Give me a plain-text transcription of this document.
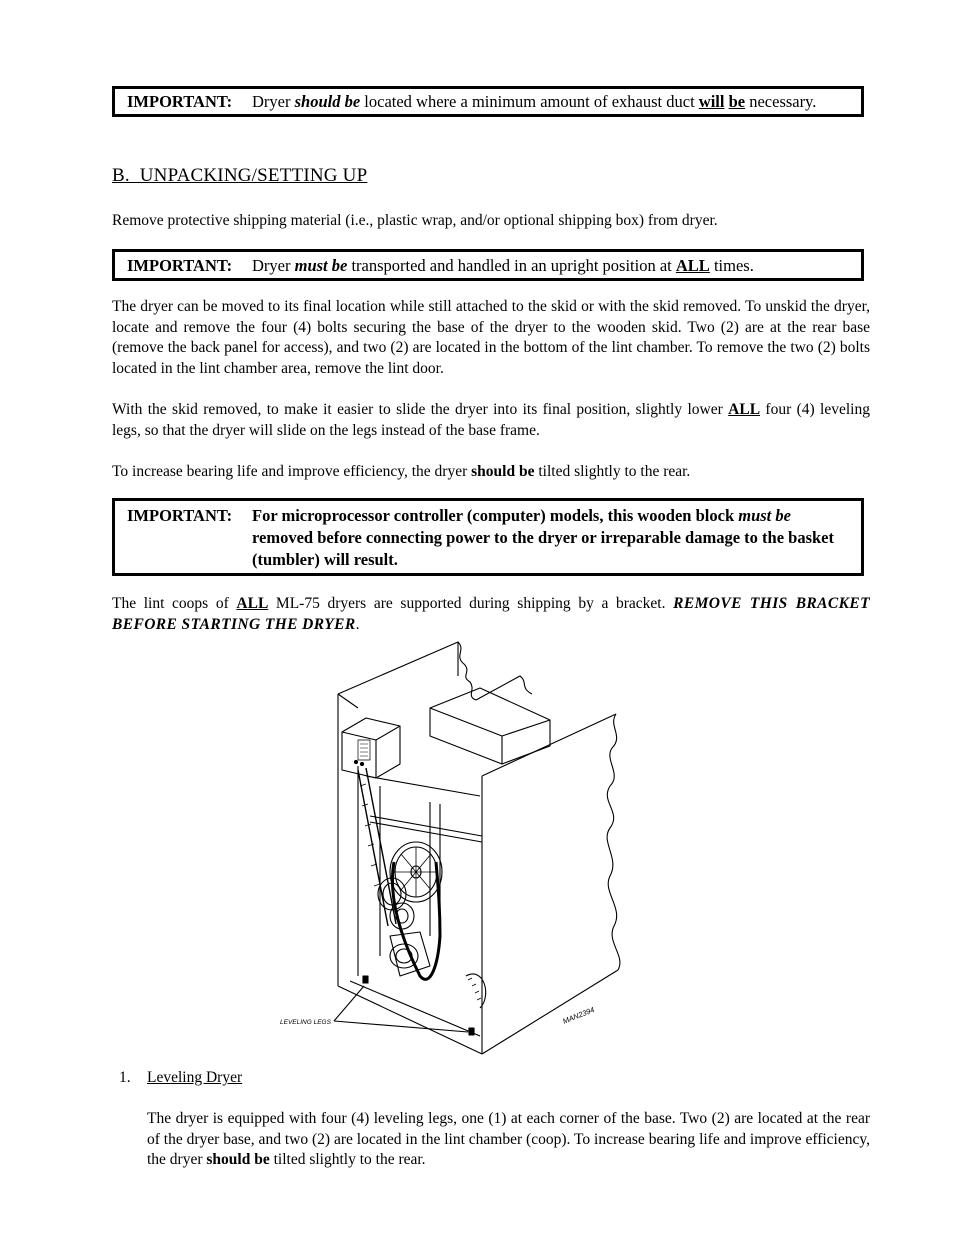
IMPORTANT: Dryer should be located where a minimum amount of exhaust duct will be necessary.
B.  UNPACKING/SETTING UP
Remove protective shipping material (i.e., plastic wrap, and/or optional shipping box) from dryer.
IMPORTANT: Dryer must be transported and handled in an upright position at ALL times.
The dryer can be moved to its final location while still attached to the skid or with the skid removed. To unskid the dryer, locate and remove the four (4) bolts securing the base of the dryer to the wooden skid. Two (2) are at the rear base (remove the back panel for access), and two (2) are located in the bottom of the lint chamber. To remove the two (2) bolts located in the lint chamber area, remove the lint door.
With the skid removed, to make it easier to slide the dryer into its final position, slightly lower ALL four (4) leveling legs, so that the dryer will slide on the legs instead of the base frame.
To increase bearing life and improve efficiency, the dryer should be tilted slightly to the rear.
IMPORTANT: For microprocessor controller (computer) models, this wooden block must be removed before connecting power to the dryer or irreparable damage to the basket (tumbler) will result.
The lint coops of ALL ML-75 dryers are supported during shipping by a bracket. REMOVE THIS BRACKET BEFORE STARTING THE DRYER.
LEVELING LEGS	MAN2394
1. Leveling Dryer
The dryer is equipped with four (4) leveling legs, one (1) at each corner of the base. Two (2) are located at the rear of the dryer base, and two (2) are located in the lint chamber (coop). To increase bearing life and improve efficiency, the dryer should be tilted slightly to the rear.
